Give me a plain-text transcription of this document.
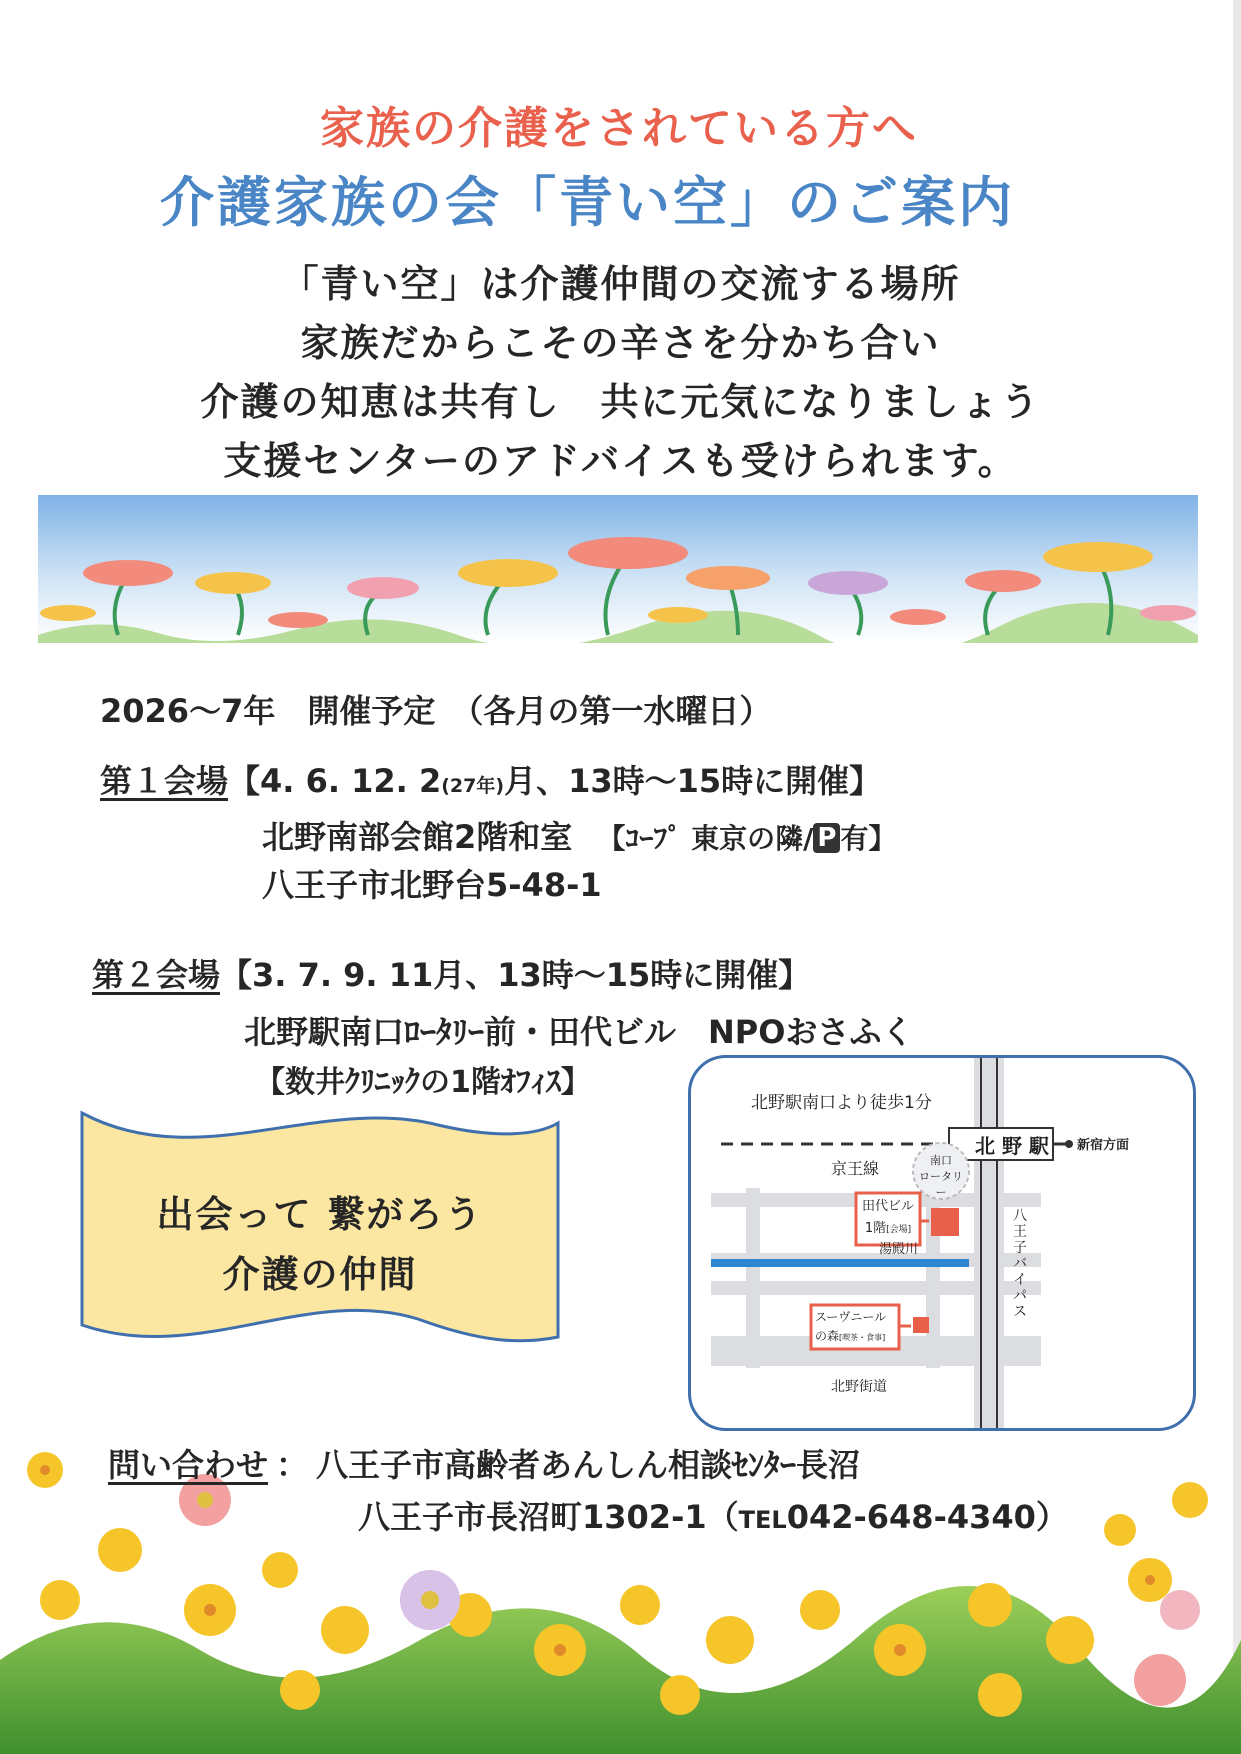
家族の介護をされている方へ
介護家族の会「青い空」のご案内
「青い空」は介護仲間の交流する場所
家族だからこその辛さを分かち合い
介護の知恵は共有し　共に元気になりましょう
支援センターのアドバイスも受けられます。
2026〜7年　開催予定　（各月の第一水曜日）
第１会場【4. 6. 12. 2(27年)月、13時〜15時に開催】
北野南部会館2階和室 【ｺｰﾌﾟ 東京の隣/ P 有】
八王子市北野台5-48-1
第２会場【3. 7. 9. 11月、13時〜15時に開催】
北野駅南口ﾛｰﾀﾘｰ前・田代ビル　NPOおさふく
【数井ｸﾘﾆｯｸの1階ｵﾌｨｽ】
出会って 繋がろう
介護の仲間
北野駅南口より徒歩1分
北 野 駅 新宿方面
京王線	南口
ロータリー
田代ビル
1階[会場]
湯殿川
八王子バイパス
スーヴニール
の森[喫茶・食事]
北野街道
問い合わせ ： 八王子市高齢者あんしん相談ｾﾝﾀｰ長沼
八王子市長沼町1302-1（TEL042-648-4340）
